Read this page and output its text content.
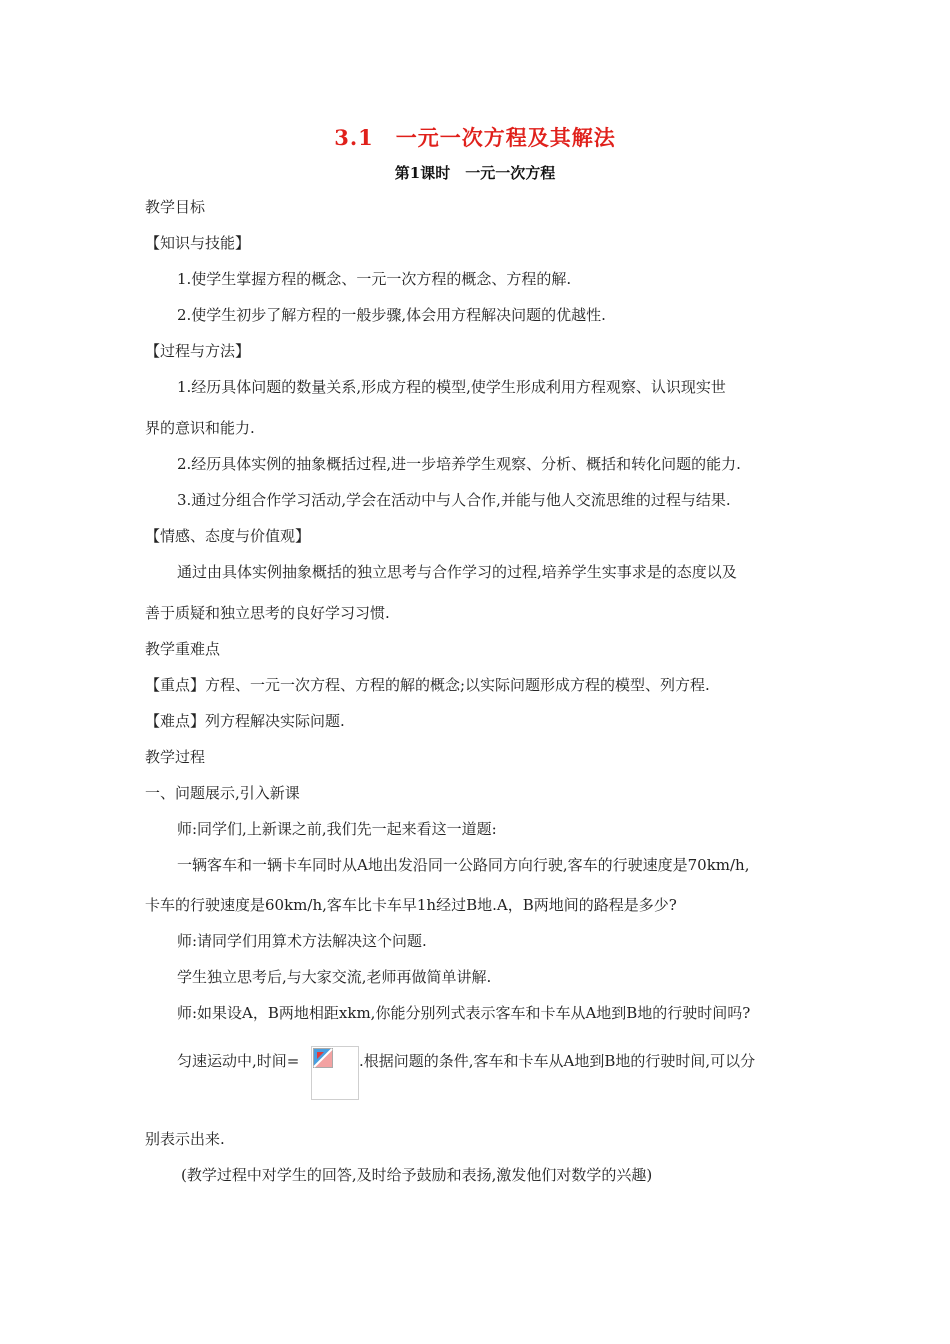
3.1　一元一次方程及其解法
第1课时　一元一次方程
教学目标
【知识与技能】
1.使学生掌握方程的概念、一元一次方程的概念、方程的解.
2.使学生初步了解方程的一般步骤,体会用方程解决问题的优越性.
【过程与方法】
1.经历具体问题的数量关系,形成方程的模型,使学生形成利用方程观察、认识现实世
界的意识和能力.
2.经历具体实例的抽象概括过程,进一步培养学生观察、分析、概括和转化问题的能力.
3.通过分组合作学习活动,学会在活动中与人合作,并能与他人交流思维的过程与结果.
【情感、态度与价值观】
通过由具体实例抽象概括的独立思考与合作学习的过程,培养学生实事求是的态度以及
善于质疑和独立思考的良好学习习惯.
教学重难点
【重点】方程、一元一次方程、方程的解的概念;以实际问题形成方程的模型、列方程.
【难点】列方程解决实际问题.
教学过程
一、问题展示,引入新课
师:同学们,上新课之前,我们先一起来看这一道题:
一辆客车和一辆卡车同时从A地出发沿同一公路同方向行驶,客车的行驶速度是70km/h,
卡车的行驶速度是60km/h,客车比卡车早1h经过B地.A，B两地间的路程是多少?
师:请同学们用算术方法解决这个问题.
学生独立思考后,与大家交流,老师再做简单讲解.
师:如果设A，B两地相距xkm,你能分别列式表示客车和卡车从A地到B地的行驶时间吗?
匀速运动中,时间=	.根据问题的条件,客车和卡车从A地到B地的行驶时间,可以分
别表示出来.
(教学过程中对学生的回答,及时给予鼓励和表扬,激发他们对数学的兴趣)
